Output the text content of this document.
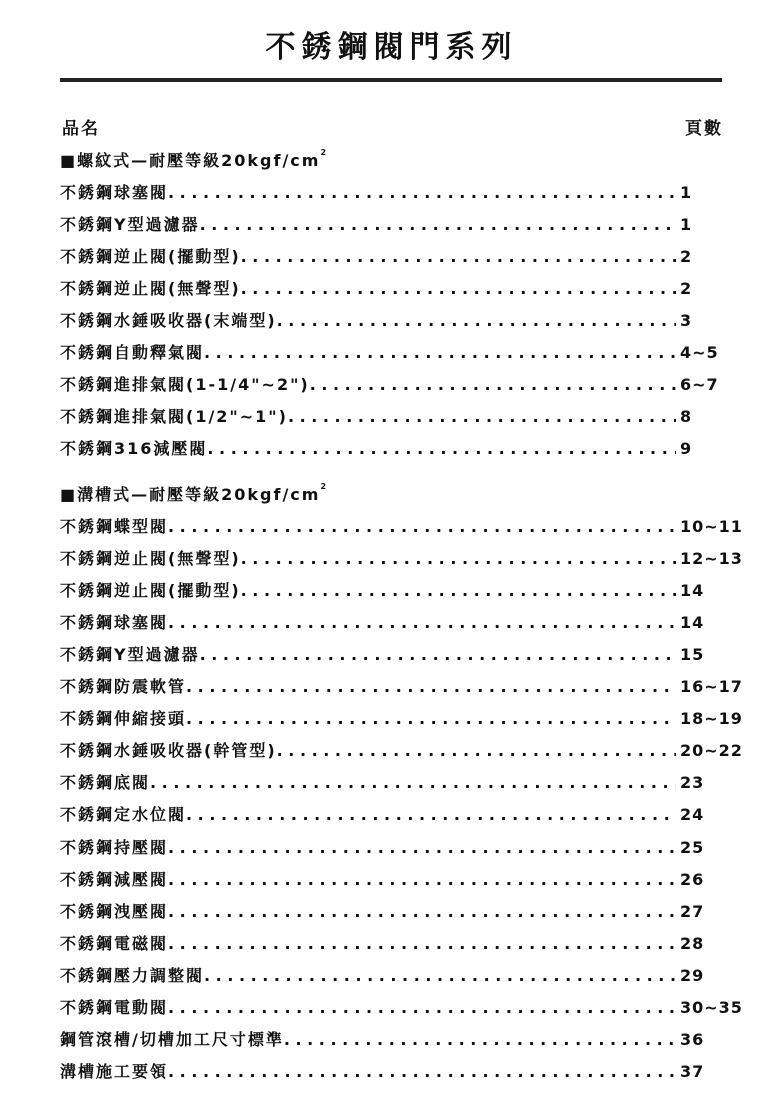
不銹鋼閥門系列
品名	頁數
■螺紋式—耐壓等級$20kgf/cm^2$
不銹鋼球塞閥 . . .	1
不銹鋼Y型過濾器 . . .	1
不銹鋼逆止閥(擺動型) . . .	2
不銹鋼逆止閥(無聲型) . . .	2
不銹鋼水錘吸收器(末端型) . . .	3
不銹鋼自動釋氣閥 . . .	4~5
不銹鋼進排氣閥(1-1/4"~2") . . .	6~7
不銹鋼進排氣閥(1/2"~1") . . .	8
不銹鋼316減壓閥 . . .	9
■溝槽式—耐壓等級$20kgf/cm^2$
不銹鋼蝶型閥 . . .	10~11
不銹鋼逆止閥(無聲型) . . .	12~13
不銹鋼逆止閥(擺動型) . . .	14
不銹鋼球塞閥 . . .	14
不銹鋼Y型過濾器 . . .	15
不銹鋼防震軟管 . . .	16~17
不銹鋼伸縮接頭 . . .	18~19
不銹鋼水錘吸收器(幹管型) . . .	20~22
不銹鋼底閥 . . .	23
不銹鋼定水位閥 . . .	24
不銹鋼持壓閥 . . .	25
不銹鋼減壓閥 . . .	26
不銹鋼洩壓閥 . . .	27
不銹鋼電磁閥 . . .	28
不銹鋼壓力調整閥 . . .	29
不銹鋼電動閥 . . .	30~35
鋼管滾槽/切槽加工尺寸標準 . . .	36
溝槽施工要領 . . .	37
